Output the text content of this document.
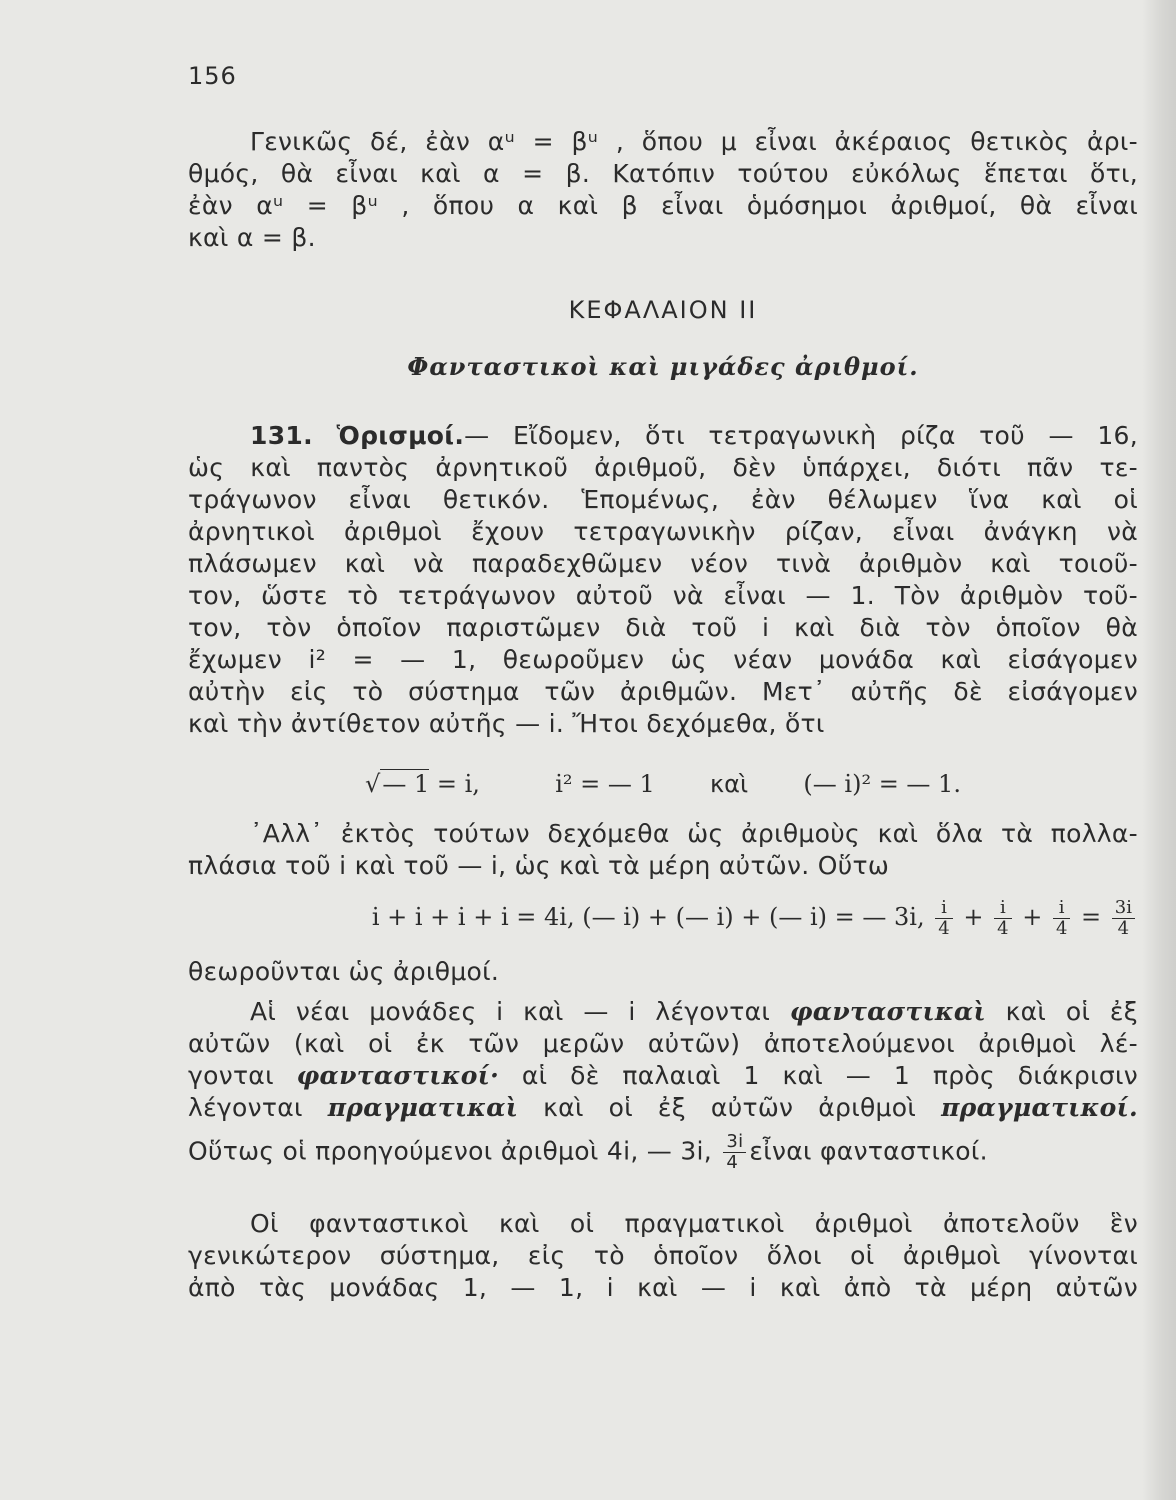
156
Γενικῶς δέ, ἐὰν αᵘ = βᵘ , ὅπου μ εἶναι ἀκέραιος θετικὸς ἀρι-
θμός, θὰ εἶναι καὶ α = β. Κατόπιν τούτου εὐκόλως ἕπεται ὅτι,
ἐὰν αᵘ = βᵘ , ὅπου α καὶ β εἶναι ὁμόσημοι ἀριθμοί, θὰ εἶναι
καὶ α = β.
ΚΕΦΑΛΑΙΟΝ ΙΙ
Φανταστικοὶ καὶ μιγάδες ἀριθμοί.
131. Ὁρισμοί.— Εἴδομεν, ὅτι τετραγωνικὴ ρίζα τοῦ — 16,
ὡς καὶ παντὸς ἀρνητικοῦ ἀριθμοῦ, δὲν ὑπάρχει, διότι πᾶν τε-
τράγωνον εἶναι θετικόν. Ἑπομένως, ἐὰν θέλωμεν ἵνα καὶ οἱ
ἀρνητικοὶ ἀριθμοὶ ἔχουν τετραγωνικὴν ρίζαν, εἶναι ἀνάγκη νὰ
πλάσωμεν καὶ νὰ παραδεχθῶμεν νέον τινὰ ἀριθμὸν καὶ τοιοῦ-
τον, ὥστε τὸ τετράγωνον αὐτοῦ νὰ εἶναι — 1. Τὸν ἀριθμὸν τοῦ-
τον, τὸν ὁποῖον παριστῶμεν διὰ τοῦ i καὶ διὰ τὸν ὁποῖον θὰ
ἔχωμεν i² = — 1, θεωροῦμεν ὡς νέαν μονάδα καὶ εἰσάγομεν
αὐτὴν εἰς τὸ σύστημα τῶν ἀριθμῶν. Μετ᾽ αὐτῆς δὲ εἰσάγομεν
καὶ τὴν ἀντίθετον αὐτῆς — i. Ἤτοι δεχόμεθα, ὅτι
√— 1 = i,	i² = — 1 καὶ (— i)² = — 1.
᾽Αλλ᾽ ἐκτὸς τούτων δεχόμεθα ὡς ἀριθμοὺς καὶ ὅλα τὰ πολλα-
πλάσια τοῦ i καὶ τοῦ — i, ὡς καὶ τὰ μέρη αὐτῶν. Οὕτω
i + i + i + i = 4i, (— i) + (— i) + (— i) = — 3i, $\frac{i}{4} + \frac{i}{4} + \frac{i}{4} = \frac{3i}{4}$
θεωροῦνται ὡς ἀριθμοί.
Αἱ νέαι μονάδες i καὶ — i λέγονται φανταστικαὶ καὶ οἱ ἐξ
αὐτῶν (καὶ οἱ ἐκ τῶν μερῶν αὐτῶν) ἀποτελούμενοι ἀριθμοὶ λέ-
γονται φανταστικοί· αἱ δὲ παλαιαὶ 1 καὶ — 1 πρὸς διάκρισιν
λέγονται πραγματικαὶ καὶ οἱ ἐξ αὐτῶν ἀριθμοὶ πραγματικοί.
Οὕτως οἱ προηγούμενοι ἀριθμοὶ 4i, — 3i, $\frac{3i}{4}$ εἶναι φανταστικοί.
Οἱ φανταστικοὶ καὶ οἱ πραγματικοὶ ἀριθμοὶ ἀποτελοῦν ἓν
γενικώτερον σύστημα, εἰς τὸ ὁποῖον ὅλοι οἱ ἀριθμοὶ γίνονται
ἀπὸ τὰς μονάδας 1, — 1, i καὶ — i καὶ ἀπὸ τὰ μέρη αὐτῶν
